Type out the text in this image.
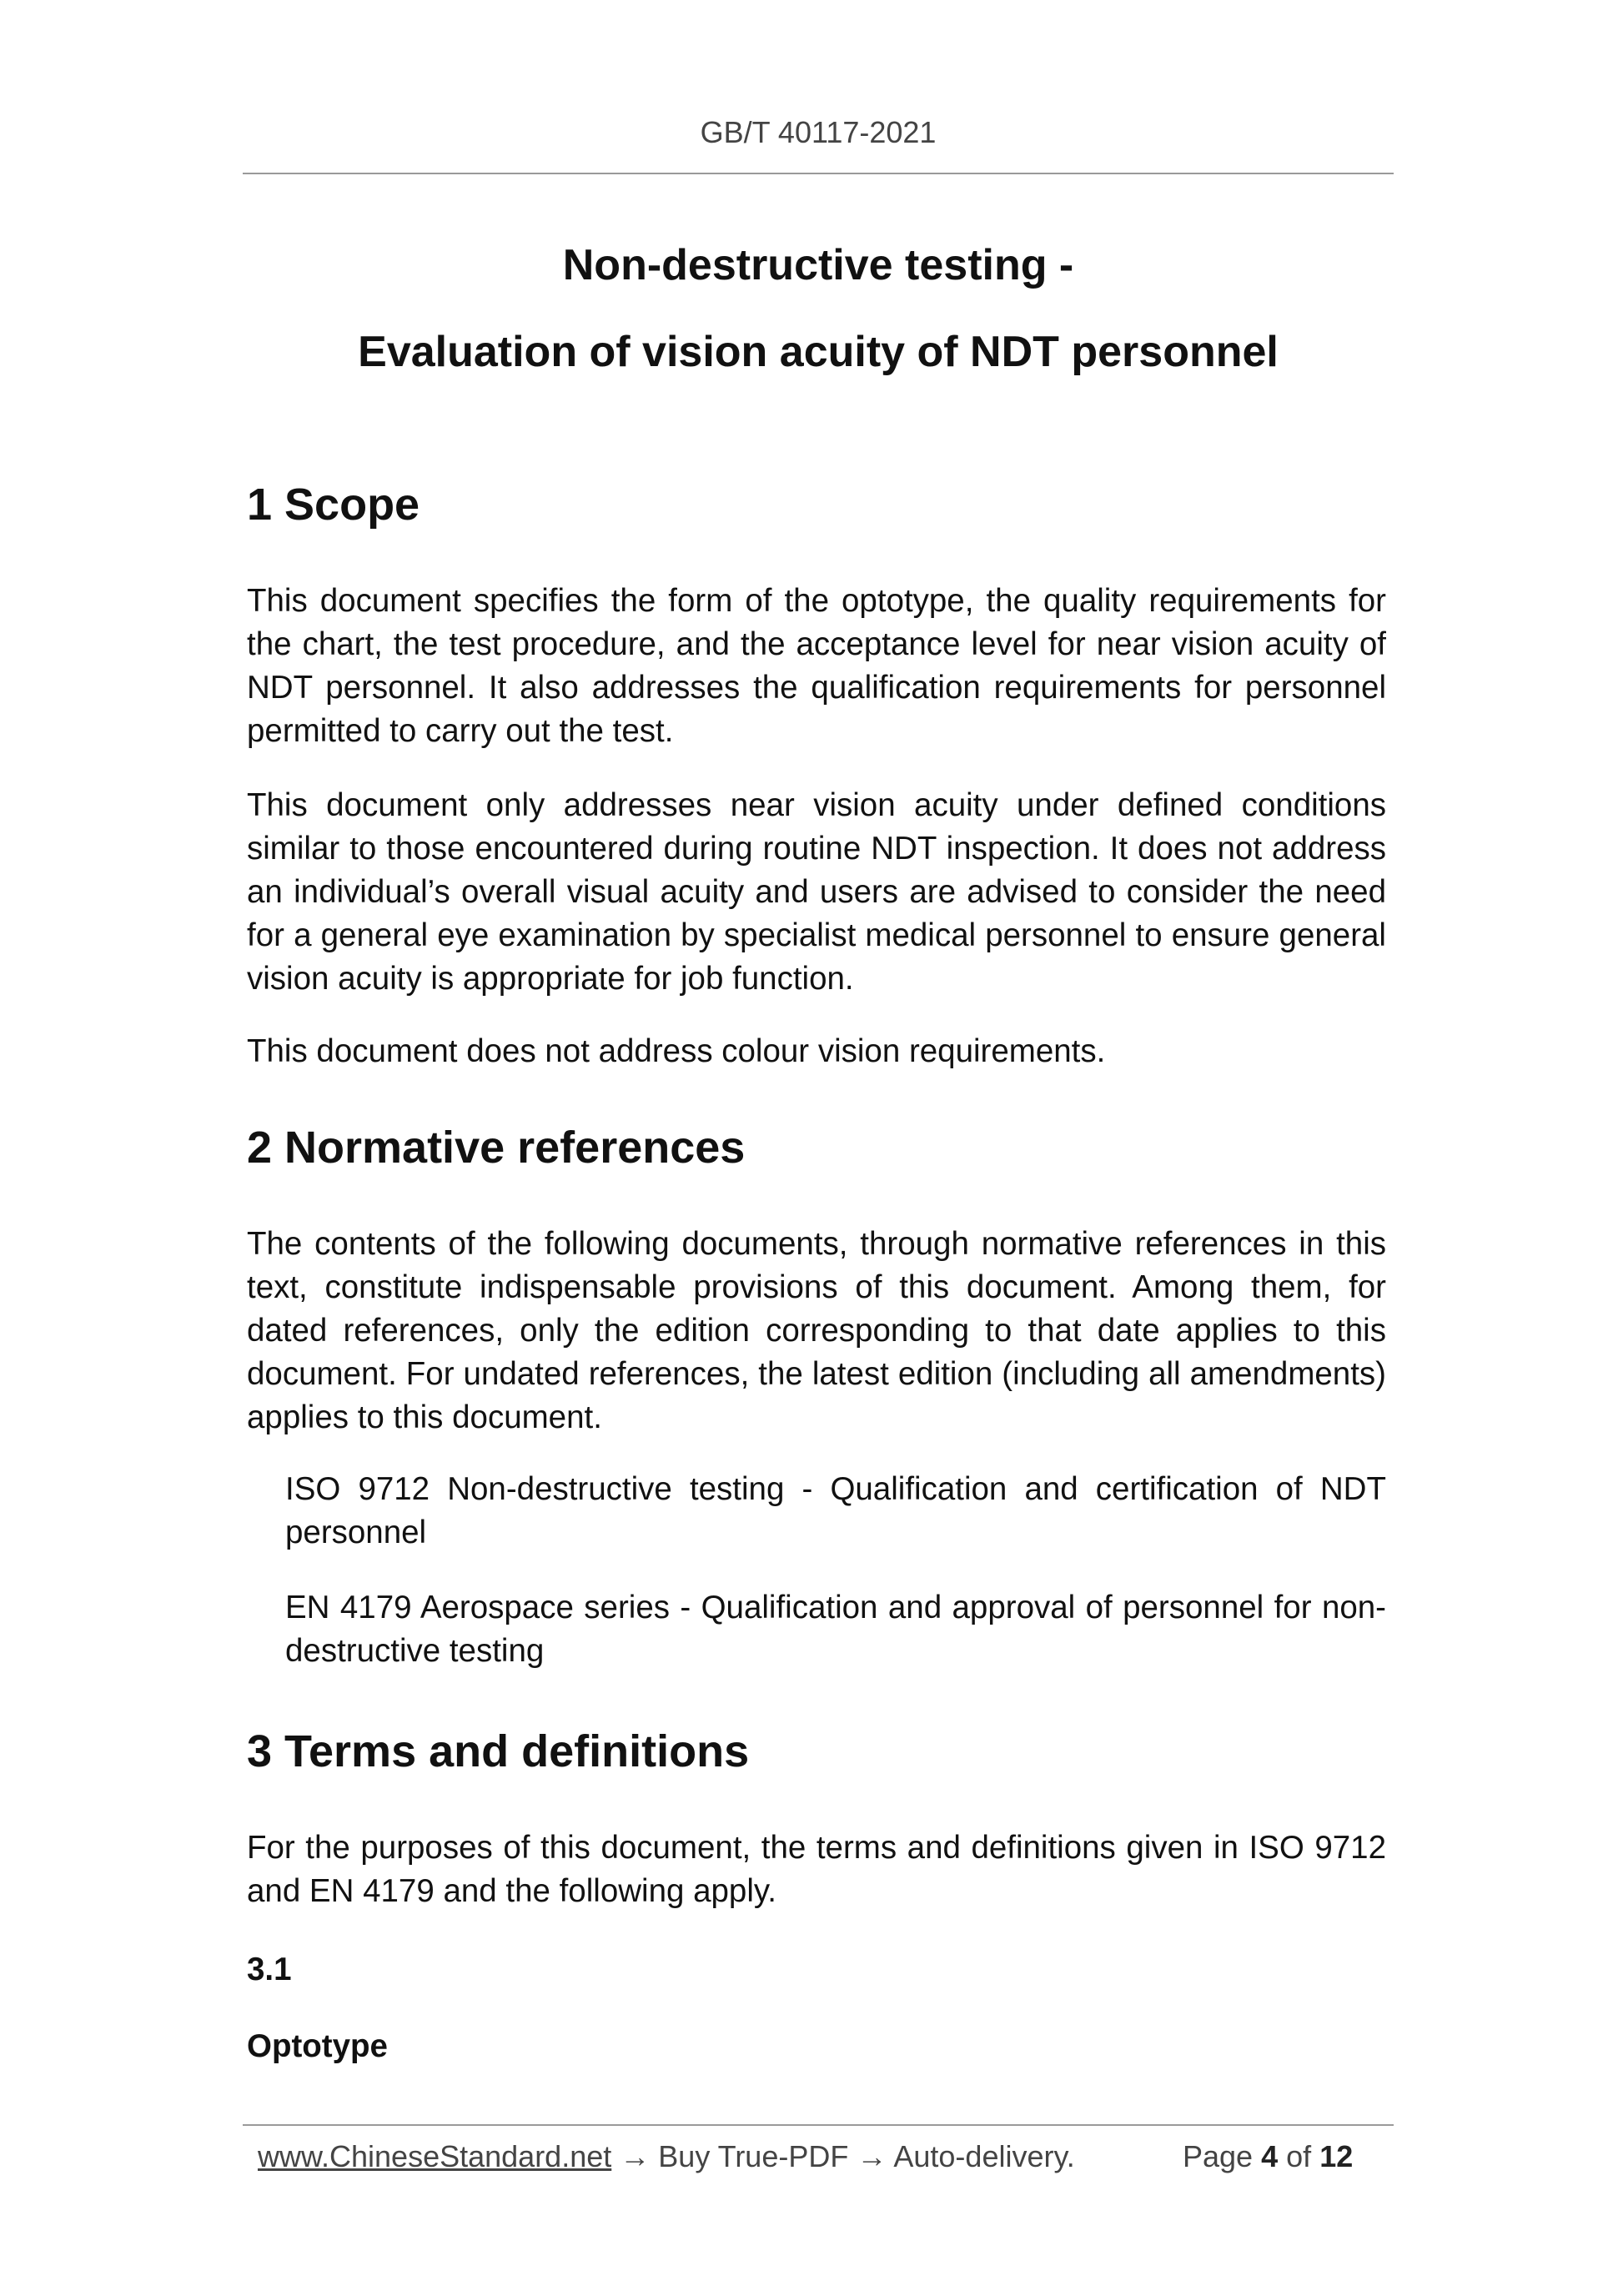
GB/T 40117-2021
Non-destructive testing -
Evaluation of vision acuity of NDT personnel
1 Scope

This document specifies the form of the optotype, the quality requirements for the chart, the test procedure, and the acceptance level for near vision acuity of NDT personnel. It also addresses the qualification requirements for personnel permitted to carry out the test.

This document only addresses near vision acuity under defined conditions similar to those encountered during routine NDT inspection. It does not address an individual’s overall visual acuity and users are advised to consider the need for a general eye examination by specialist medical personnel to ensure general vision acuity is appropriate for job function.

This document does not address colour vision requirements.

2 Normative references

The contents of the following documents, through normative references in this text, constitute indispensable provisions of this document. Among them, for dated references, only the edition corresponding to that date applies to this document. For undated references, the latest edition (including all amendments) applies to this document.

ISO 9712 Non-destructive testing - Qualification and certification of NDT personnel

EN 4179 Aerospace series - Qualification and approval of personnel for non-destructive testing

3 Terms and definitions

For the purposes of this document, the terms and definitions given in ISO 9712 and EN 4179 and the following apply.

3.1
Optotype
www.ChineseStandard.net → Buy True-PDF → Auto-delivery.	Page 4 of 12
